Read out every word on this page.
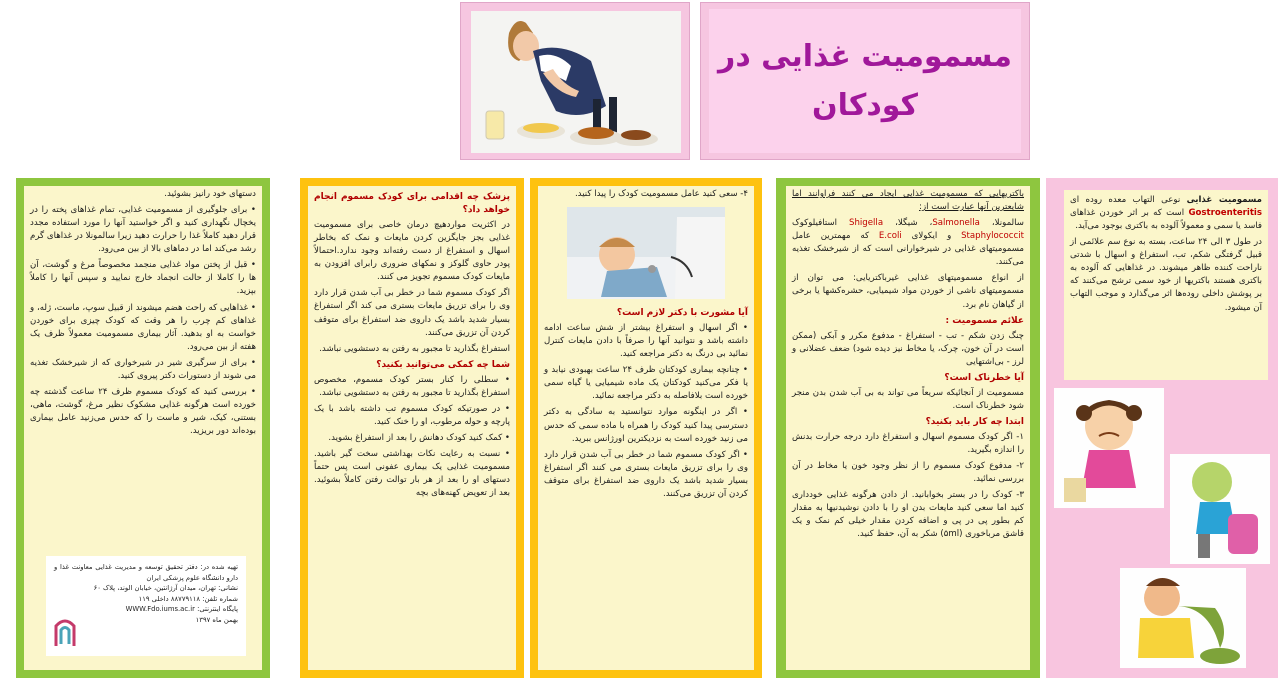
مسمومیت غذایی در
کودکان

مسمومیت غذایی نوعی التهاب معده روده ای Gostroenteritis است که بر اثر خوردن غذاهای فاسد یا سمی و معمولاً آلوده به باکتری بوجود می‌آید.

در طول ۳ الی ۲۴ ساعت، بسته به نوع سم علائمی از قبیل گرفتگی شکم، تب، استفراغ و اسهال با شدتی ناراحت کننده ظاهر میشوند. در غذاهایی که آلوده به باکتری هستند باکتریها از خود سمی ترشح می‌کنند که بر پوشش داخلی روده‌ها اثر می‌گذارد و موجب التهاب آن میشود.

باکتریهایی که مسمومیت غذایی ایجاد می کنند فراوانند اما شایعترین آنها عبارت است از:

سالمونلا، Salmonella، شیگلا، Shigella استافیلوکوک Staphylococcit و ایکولای E.coli که مهمترین عامل مسمومیتهای غذایی در شیرخوارانی است که از شیرخشک تغذیه می‌کنند.

از انواع مسمومیتهای غذایی غیرباکتریایی: می توان از مسمومیتهای ناشی از خوردن مواد شیمیایی، حشره‌کشها یا برخی از گیاهان نام برد.

علائم مسمومیت :

چنگ زدن شکم - تب - استفراغ - مدفوع مکرر و آبکی (ممکن است در آن خون، چرک، یا مخاط نیز دیده شود) ضعف عضلانی و لرز - بی‌اشتهایی

آیا خطرناک است؟

مسمومیت از آنجائیکه سریعاً می تواند به بی آب شدن بدن منجر شود خطرناک است.

ابتدا چه کار باید بکنید؟

۱- اگر کودک مسموم اسهال و استفراغ دارد درجه حرارت بدنش را اندازه بگیرید.

۲- مدفوع کودک مسموم را از نظر وجود خون یا مخاط در آن بررسی نمائید.

۳- کودک را در بستر بخوابانید. از دادن هرگونه غذایی خودداری کنید اما سعی کنید مایعات بدن او را با دادن نوشیدنیها به مقدار کم بطور پی در پی و اضافه کردن مقدار خیلی کم نمک و یک قاشق مرباخوری (۵ml) شکر به آن، حفظ کنید.

۴- سعی کنید عامل مسمومیت کودک را پیدا کنید.

آیا مشورت با دکتر لازم است؟
• اگر اسهال و استفراغ بیشتر از شش ساعت ادامه داشته باشد و نتوانید آنها را صرفاً با دادن مایعات کنترل نمائید بی درنگ به دکتر مراجعه کنید.
• چنانچه بیماری کودکتان ظرف ۲۴ ساعت بهبودی نیابد و یا فکر می‌کنید کودکتان یک ماده شیمیایی یا گیاه سمی خورده است بلافاصله به دکتر مراجعه نمائید.
• اگر در اینگونه موارد نتوانستید به سادگی به دکتر دسترسی پیدا کنید کودک را همراه با ماده سمی که حدس می زنید خورده است به نزدیکترین اورژانس ببرید.
• اگر کودک مسموم شما در خطر بی آب شدن قرار دارد وی را برای تزریق مایعات بستری می کنند اگر استفراغ بسیار شدید باشد یک داروی ضد استفراغ برای متوقف کردن آن تزریق می‌کنند.
پزشک چه اقدامی برای کودک مسموم انجام خواهد داد؟

در اکثریت مواردهیچ درمان خاصی برای مسمومیت غذایی بجز جایگزین کردن مایعات و نمک که بخاطر اسهال و استفراغ از دست رفته‌اند وجود ندارد.احتمالاً پودر حاوی گلوکز و نمکهای ضروری رابرای افزودن به مایعات کودک مسموم تجویز می کنند.

اگر کودک مسموم شما در خطر بی آب شدن قرار دارد وی را برای تزریق مایعات بستری می کند اگر استفراغ بسیار شدید باشد یک داروی ضد استفراغ برای متوقف کردن آن تزریق می‌کنند.

استفراغ بگذارید تا مجبور به رفتن به دستشویی نباشد.

شما چه کمکی می‌توانید بکنید؟
• سطلی را کنار بستر کودک مسموم، مخصوص استفراغ بگذارید تا مجبور به رفتن به دستشویی نباشد.
• در صورتیکه کودک مسموم تب داشته باشد با یک پارچه و حوله مرطوب، او را خنک کنید.
• کمک کنید کودک دهانش را بعد از استفراغ بشوید.
• نسبت به رعایت نکات بهداشتی سخت گیر باشید. مسمومیت غذایی یک بیماری عفونی است پس حتماً دستهای او را بعد از هر بار توالت رفتن کاملاً بشوئید. بعد از تعویض کهنه‌های بچه

دستهای خود رانیز بشوئید.

• برای جلوگیری از مسمومیت غذایی، تمام غذاهای پخته را در یخچال نگهداری کنید و اگر خواستید آنها را مورد استفاده مجدد قرار دهید کاملاً غذا را حرارت دهید زیرا سالمونلا در غذاهای گرم رشد می‌کند اما در دماهای بالا از بین می‌رود.
• قبل از پختن مواد غذایی منجمد مخصوصاً مرغ و گوشت، آن ها را کاملا از حالت انجماد خارج نمایید و سپس آنها را کاملاً بپزید.
• غذاهایی که راحت هضم میشوند از قبیل سوپ، ماست، ژله، و غذاهای کم چرب را هر وقت که کودک چیزی برای خوردن خواست به او بدهید. آثار بیماری مسمومیت معمولاً ظرف یک هفته از بین می‌رود.
• برای از سرگیری شیر در شیرخواری که از شیرخشک تغذیه می شوند از دستورات دکتر پیروی کنید.
• بررسی کنید که کودک مسموم ظرف ۲۴ ساعت گذشته چه خورده است هرگونه غذایی مشکوک نظیر مرغ، گوشت، ماهی، بستنی، کیک، شیر و ماست را که حدس می‌زنید عامل بیماری بوده‌اند دور بریزید.

تهیه شده در: دفتر تحقیق توسعه و مدیریت غذایی معاونت غذا و دارو دانشگاه علوم پزشکی ایران

نشانی: تهران، میدان آرژانتین، خیابان الوند، پلاک ۶۰

شماره تلفن: ۸۸۷۷۹۱۱۸ داخلی ۱۱۹

پایگاه اینترنتی: WWW.Fdo.iums.ac.ir

بهمن ماه ۱۳۹۷
